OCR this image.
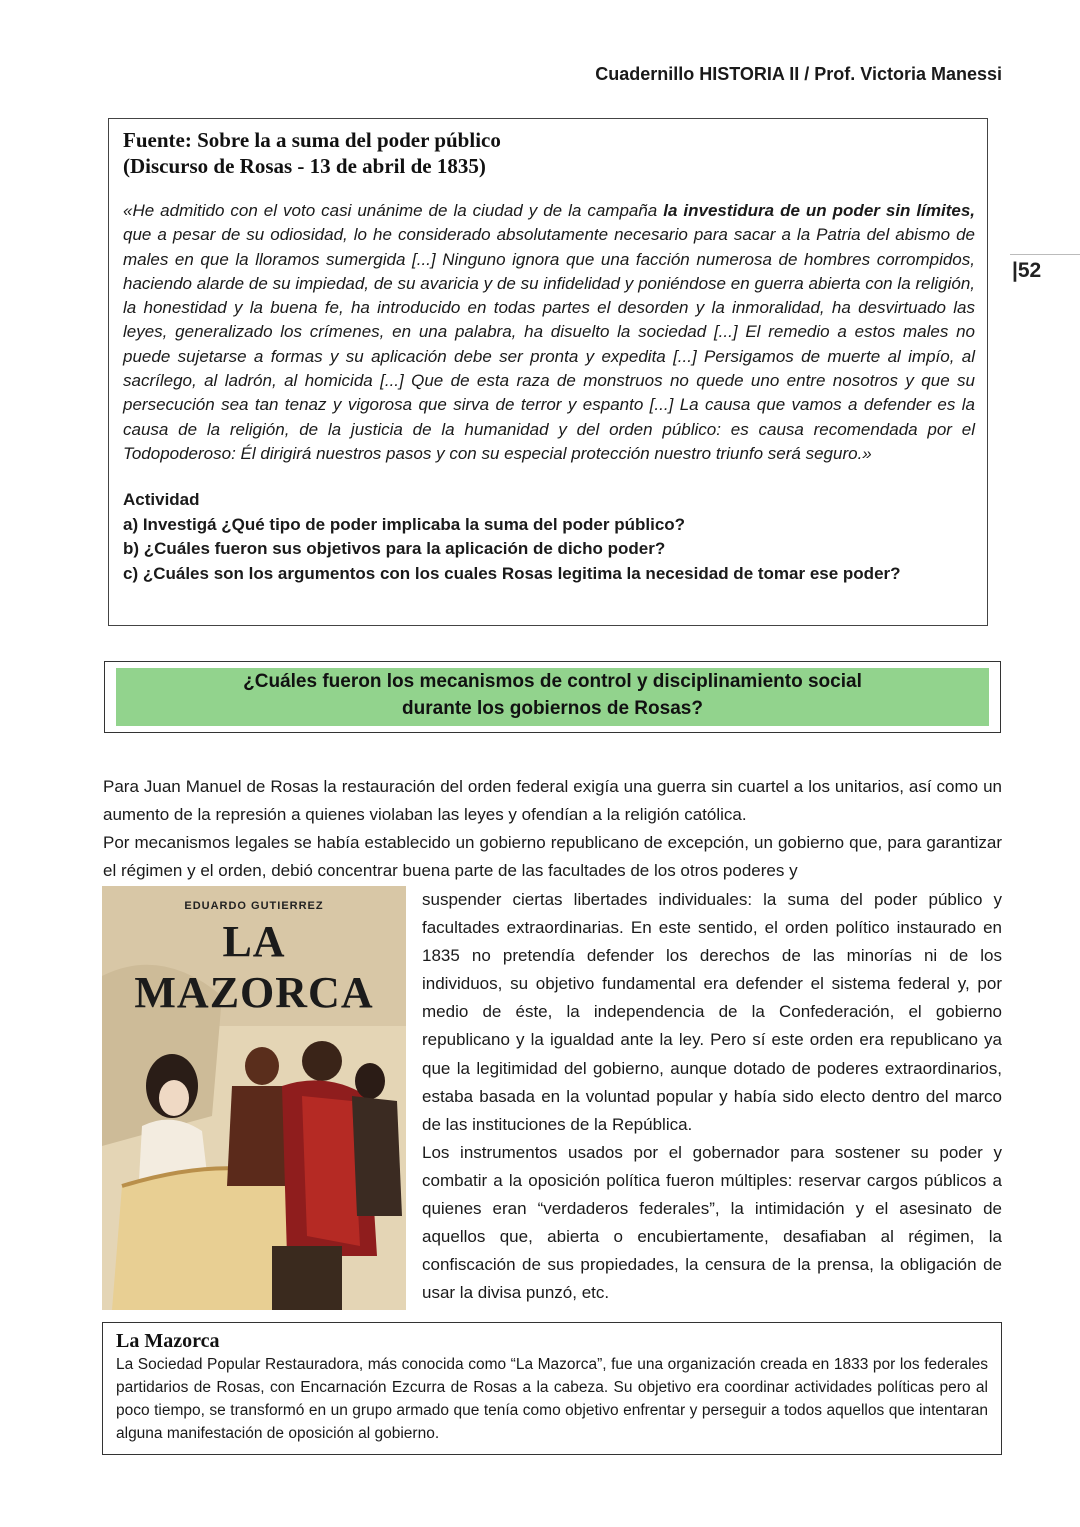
Cuadernillo HISTORIA II / Prof. Victoria Manessi
|52
Fuente: Sobre la a suma del poder público
(Discurso de Rosas - 13 de abril de 1835)
«He admitido con el voto casi unánime de la ciudad y de la campaña la investidura de un poder sin límites, que a pesar de su odiosidad, lo he considerado absolutamente necesario para sacar a la Patria del abismo de males en que la lloramos sumergida [...] Ninguno ignora que una facción numerosa de hombres corrompidos, haciendo alarde de su impiedad, de su avaricia y de su infidelidad y poniéndose en guerra abierta con la religión, la honestidad y la buena fe, ha introducido en todas partes el desorden y la inmoralidad, ha desvirtuado las leyes, generalizado los crímenes, en una palabra, ha disuelto la sociedad [...] El remedio a estos males no puede sujetarse a formas y su aplicación debe ser pronta y expedita [...] Persigamos de muerte al impío, al sacrílego, al ladrón, al homicida [...] Que de esta raza de monstruos no quede uno entre nosotros y que su persecución sea tan tenaz y vigorosa que sirva de terror y espanto [...] La causa que vamos a defender es la causa de la religión, de la justicia de la humanidad y del orden público: es causa recomendada por el Todopoderoso: Él dirigirá nuestros pasos y con su especial protección nuestro triunfo será seguro.»
Actividad
a) Investigá ¿Qué tipo de poder implicaba la suma del poder público?
b) ¿Cuáles fueron sus objetivos para la aplicación de dicho poder?
c) ¿Cuáles son los argumentos con los cuales Rosas legitima la necesidad de tomar ese poder?
¿Cuáles fueron los mecanismos de control y disciplinamiento social
durante los gobiernos de Rosas?

Para Juan Manuel de Rosas la restauración del orden federal exigía una guerra sin cuartel a los unitarios, así como un aumento de la represión a quienes violaban las leyes y ofendían a la religión católica.

Por mecanismos legales se había establecido un gobierno republicano de excepción, un gobierno que, para garantizar el régimen y el orden, debió concentrar buena parte de las facultades de los otros poderes y

EDUARDO GUTIERREZ
LA MAZORCA

suspender ciertas libertades individuales: la suma del poder público y facultades extraordinarias. En este sentido, el orden político instaurado en 1835 no pretendía defender los derechos de las minorías ni de los individuos, su objetivo fundamental era defender el sistema federal y, por medio de éste, la independencia de la Confederación, el gobierno republicano y la igualdad ante la ley. Pero sí este orden era republicano ya que la legitimidad del gobierno, aunque dotado de poderes extraordinarios, estaba basada en la voluntad popular y había sido electo dentro del marco de las instituciones de la República.

Los instrumentos usados por el gobernador para sostener su poder y combatir a la oposición política fueron múltiples: reservar cargos públicos a quienes eran “verdaderos federales”, la intimidación y el asesinato de aquellos que, abierta o encubiertamente, desafiaban al régimen, la confiscación de sus propiedades, la censura de la prensa, la obligación de usar la divisa punzó, etc.

La Mazorca
La Sociedad Popular Restauradora, más conocida como “La Mazorca”, fue una organización creada en 1833 por los federales partidarios de Rosas, con Encarnación Ezcurra de Rosas a la cabeza. Su objetivo era coordinar actividades políticas pero al poco tiempo, se transformó en un grupo armado que tenía como objetivo enfrentar y perseguir a todos aquellos que intentaran alguna manifestación de oposición al gobierno.
